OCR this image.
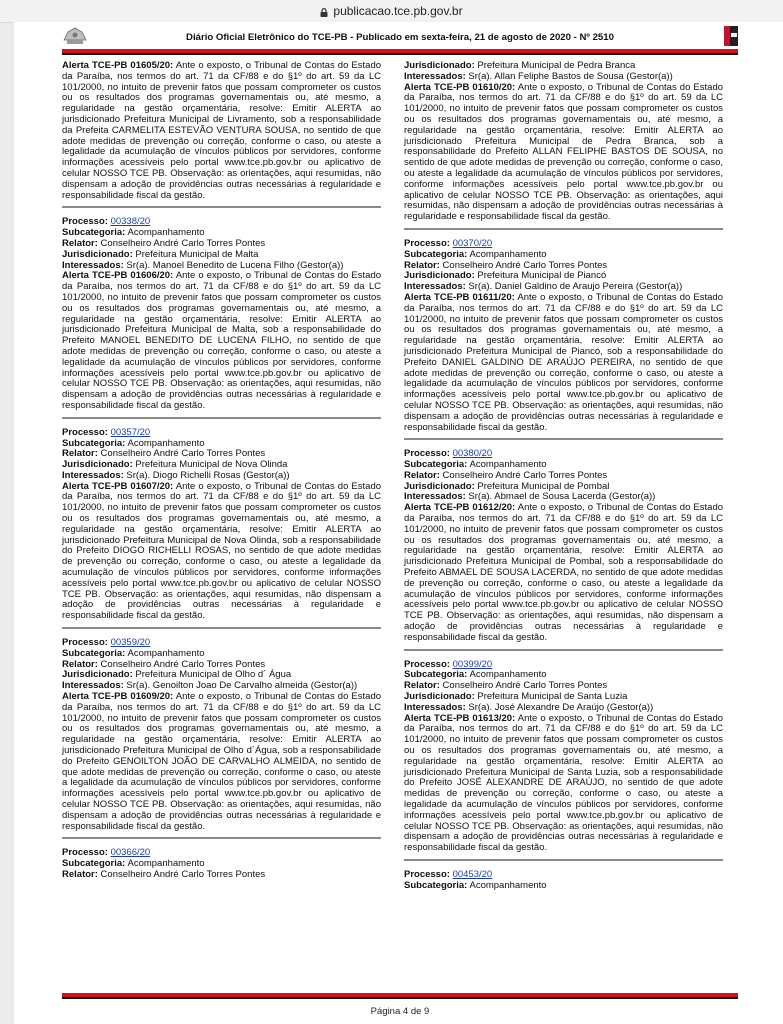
publicacao.tce.pb.gov.br
Diário Oficial Eletrônico do TCE-PB - Publicado em sexta-feira, 21 de agosto de 2020 - Nº 2510

Alerta TCE-PB 01605/20: Ante o exposto, o Tribunal de Contas do Estado da Paraíba, nos termos do art. 71 da CF/88 e do §1º do art. 59 da LC 101/2000, no intuito de prevenir fatos que possam comprometer os custos ou os resultados dos programas governamentais ou, até mesmo, a regularidade na gestão orçamentária, resolve: Emitir ALERTA ao jurisdicionado Prefeitura Municipal de Livramento, sob a responsabilidade da Prefeita CARMELITA ESTEVÃO VENTURA SOUSA, no sentido de que adote medidas de prevenção ou correção, conforme o caso, ou ateste a legalidade da acumulação de vínculos públicos por servidores, conforme informações acessíveis pelo portal www.tce.pb.gov.br ou aplicativo de celular NOSSO TCE PB. Observação: as orientações, aqui resumidas, não dispensam a adoção de providências outras necessárias à regularidade e responsabilidade fiscal da gestão.

Processo: 00338/20

Subcategoria: Acompanhamento

Relator: Conselheiro André Carlo Torres Pontes

Jurisdicionado: Prefeitura Municipal de Malta

Interessados: Sr(a). Manoel Benedito de Lucena Filho (Gestor(a))

Alerta TCE-PB 01606/20: Ante o exposto, o Tribunal de Contas do Estado da Paraíba, nos termos do art. 71 da CF/88 e do §1º do art. 59 da LC 101/2000, no intuito de prevenir fatos que possam comprometer os custos ou os resultados dos programas governamentais ou, até mesmo, a regularidade na gestão orçamentária, resolve: Emitir ALERTA ao jurisdicionado Prefeitura Municipal de Malta, sob a responsabilidade do Prefeito MANOEL BENEDITO DE LUCENA FILHO, no sentido de que adote medidas de prevenção ou correção, conforme o caso, ou ateste a legalidade da acumulação de vínculos públicos por servidores, conforme informações acessíveis pelo portal www.tce.pb.gov.br ou aplicativo de celular NOSSO TCE PB. Observação: as orientações, aqui resumidas, não dispensam a adoção de providências outras necessárias à regularidade e responsabilidade fiscal da gestão.

Processo: 00357/20

Subcategoria: Acompanhamento

Relator: Conselheiro André Carlo Torres Pontes

Jurisdicionado: Prefeitura Municipal de Nova Olinda

Interessados: Sr(a). Diogo Richelli Rosas (Gestor(a))

Alerta TCE-PB 01607/20: Ante o exposto, o Tribunal de Contas do Estado da Paraíba, nos termos do art. 71 da CF/88 e do §1º do art. 59 da LC 101/2000, no intuito de prevenir fatos que possam comprometer os custos ou os resultados dos programas governamentais ou, até mesmo, a regularidade na gestão orçamentária, resolve: Emitir ALERTA ao jurisdicionado Prefeitura Municipal de Nova Olinda, sob a responsabilidade do Prefeito DIOGO RICHELLI ROSAS, no sentido de que adote medidas de prevenção ou correção, conforme o caso, ou ateste a legalidade da acumulação de vínculos públicos por servidores, conforme informações acessíveis pelo portal www.tce.pb.gov.br ou aplicativo de celular NOSSO TCE PB. Observação: as orientações, aqui resumidas, não dispensam a adoção de providências outras necessárias à regularidade e responsabilidade fiscal da gestão.

Processo: 00359/20

Subcategoria: Acompanhamento

Relator: Conselheiro André Carlo Torres Pontes

Jurisdicionado: Prefeitura Municipal de Olho d´ Água

Interessados: Sr(a). Genoilton Joao De Carvalho almeida (Gestor(a))

Alerta TCE-PB 01609/20: Ante o exposto, o Tribunal de Contas do Estado da Paraíba, nos termos do art. 71 da CF/88 e do §1º do art. 59 da LC 101/2000, no intuito de prevenir fatos que possam comprometer os custos ou os resultados dos programas governamentais ou, até mesmo, a regularidade na gestão orçamentária, resolve: Emitir ALERTA ao jurisdicionado Prefeitura Municipal de Olho d´Água, sob a responsabilidade do Prefeito GENOILTON JOÃO DE CARVALHO ALMEIDA, no sentido de que adote medidas de prevenção ou correção, conforme o caso, ou ateste a legalidade da acumulação de vínculos públicos por servidores, conforme informações acessíveis pelo portal www.tce.pb.gov.br ou aplicativo de celular NOSSO TCE PB. Observação: as orientações, aqui resumidas, não dispensam a adoção de providências outras necessárias à regularidade e responsabilidade fiscal da gestão.

Processo: 00366/20

Subcategoria: Acompanhamento

Relator: Conselheiro André Carlo Torres Pontes

Jurisdicionado: Prefeitura Municipal de Pedra Branca

Interessados: Sr(a). Allan Feliphe Bastos de Sousa (Gestor(a))

Alerta TCE-PB 01610/20: Ante o exposto, o Tribunal de Contas do Estado da Paraíba, nos termos do art. 71 da CF/88 e do §1º do art. 59 da LC 101/2000, no intuito de prevenir fatos que possam comprometer os custos ou os resultados dos programas governamentais ou, até mesmo, a regularidade na gestão orçamentária, resolve: Emitir ALERTA ao jurisdicionado Prefeitura Municipal de Pedra Branca, sob a responsabilidade do Prefeito ALLAN FELIPHE BASTOS DE SOUSA, no sentido de que adote medidas de prevenção ou correção, conforme o caso, ou ateste a legalidade da acumulação de vínculos públicos por servidores, conforme informações acessíveis pelo portal www.tce.pb.gov.br ou aplicativo de celular NOSSO TCE PB. Observação: as orientações, aqui resumidas, não dispensam a adoção de providências outras necessárias à regularidade e responsabilidade fiscal da gestão.

Processo: 00370/20

Subcategoria: Acompanhamento

Relator: Conselheiro André Carlo Torres Pontes

Jurisdicionado: Prefeitura Municipal de Piancó

Interessados: Sr(a). Daniel Galdino de Araujo Pereira (Gestor(a))

Alerta TCE-PB 01611/20: Ante o exposto, o Tribunal de Contas do Estado da Paraíba, nos termos do art. 71 da CF/88 e do §1º do art. 59 da LC 101/2000, no intuito de prevenir fatos que possam comprometer os custos ou os resultados dos programas governamentais ou, até mesmo, a regularidade na gestão orçamentária, resolve: Emitir ALERTA ao jurisdicionado Prefeitura Municipal de Piancó, sob a responsabilidade do Prefeito DANIEL GALDINO DE ARAÚJO PEREIRA, no sentido de que adote medidas de prevenção ou correção, conforme o caso, ou ateste a legalidade da acumulação de vínculos públicos por servidores, conforme informações acessíveis pelo portal www.tce.pb.gov.br ou aplicativo de celular NOSSO TCE PB. Observação: as orientações, aqui resumidas, não dispensam a adoção de providências outras necessárias à regularidade e responsabilidade fiscal da gestão.

Processo: 00380/20

Subcategoria: Acompanhamento

Relator: Conselheiro André Carlo Torres Pontes

Jurisdicionado: Prefeitura Municipal de Pombal

Interessados: Sr(a). Abmael de Sousa Lacerda (Gestor(a))

Alerta TCE-PB 01612/20: Ante o exposto, o Tribunal de Contas do Estado da Paraíba, nos termos do art. 71 da CF/88 e do §1º do art. 59 da LC 101/2000, no intuito de prevenir fatos que possam comprometer os custos ou os resultados dos programas governamentais ou, até mesmo, a regularidade na gestão orçamentária, resolve: Emitir ALERTA ao jurisdicionado Prefeitura Municipal de Pombal, sob a responsabilidade do Prefeito ABMAEL DE SOUSA LACERDA, no sentido de que adote medidas de prevenção ou correção, conforme o caso, ou ateste a legalidade da acumulação de vínculos públicos por servidores, conforme informações acessíveis pelo portal www.tce.pb.gov.br ou aplicativo de celular NOSSO TCE PB. Observação: as orientações, aqui resumidas, não dispensam a adoção de providências outras necessárias à regularidade e responsabilidade fiscal da gestão.

Processo: 00399/20

Subcategoria: Acompanhamento

Relator: Conselheiro André Carlo Torres Pontes

Jurisdicionado: Prefeitura Municipal de Santa Luzia

Interessados: Sr(a). José Alexandre De Araújo (Gestor(a))

Alerta TCE-PB 01613/20: Ante o exposto, o Tribunal de Contas do Estado da Paraíba, nos termos do art. 71 da CF/88 e do §1º do art. 59 da LC 101/2000, no intuito de prevenir fatos que possam comprometer os custos ou os resultados dos programas governamentais ou, até mesmo, a regularidade na gestão orçamentária, resolve: Emitir ALERTA ao jurisdicionado Prefeitura Municipal de Santa Luzia, sob a responsabilidade do Prefeito JOSÉ ALEXANDRE DE ARAÚJO, no sentido de que adote medidas de prevenção ou correção, conforme o caso, ou ateste a legalidade da acumulação de vínculos públicos por servidores, conforme informações acessíveis pelo portal www.tce.pb.gov.br ou aplicativo de celular NOSSO TCE PB. Observação: as orientações, aqui resumidas, não dispensam a adoção de providências outras necessárias à regularidade e responsabilidade fiscal da gestão.

Processo: 00453/20

Subcategoria: Acompanhamento

Página 4 de 9
